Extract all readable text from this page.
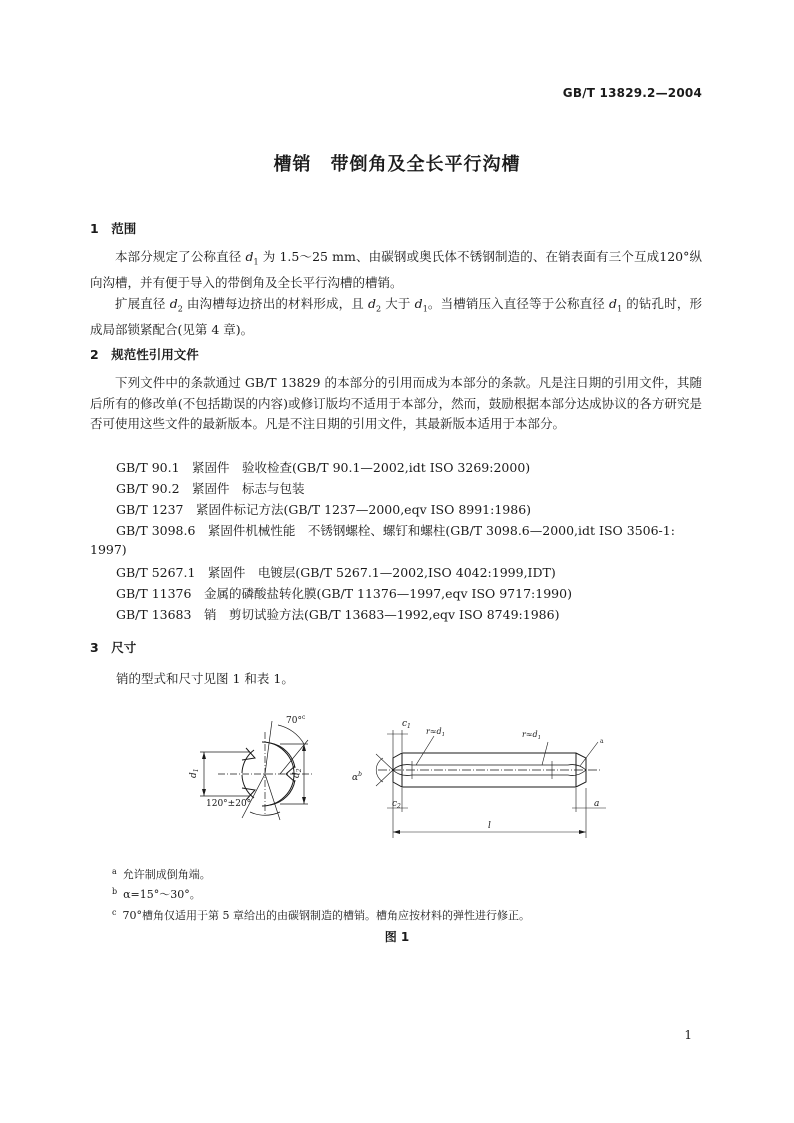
GB/T 13829.2—2004
槽销　带倒角及全长平行沟槽
1　范围

本部分规定了公称直径 $d_1$ 为 1.5～25 mm、由碳钢或奥氏体不锈钢制造的、在销表面有三个互成120°纵向沟槽，并有便于导入的带倒角及全长平行沟槽的槽销。

扩展直径 $d_2$ 由沟槽每边挤出的材料形成，且 $d_2$ 大于 $d_1$。当槽销压入直径等于公称直径 $d_1$ 的钻孔时，形成局部锁紧配合(见第 4 章)。

2　规范性引用文件

下列文件中的条款通过 GB/T 13829 的本部分的引用而成为本部分的条款。凡是注日期的引用文件，其随后所有的修改单(不包括勘误的内容)或修订版均不适用于本部分，然而，鼓励根据本部分达成协议的各方研究是否可使用这些文件的最新版本。凡是不注日期的引用文件，其最新版本适用于本部分。

GB/T 90.1　紧固件　验收检查(GB/T 90.1—2002,idt ISO 3269:2000)
GB/T 90.2　紧固件　标志与包装
GB/T 1237　紧固件标记方法(GB/T 1237—2000,eqv ISO 8991:1986)
GB/T 3098.6　紧固件机械性能　不锈钢螺栓、螺钉和螺柱(GB/T 3098.6—2000,idt ISO 3506-1:
1997)
GB/T 5267.1　紧固件　电镀层(GB/T 5267.1—2002,ISO 4042:1999,IDT)
GB/T 11376　金属的磷酸盐转化膜(GB/T 11376—1997,eqv ISO 9717:1990)
GB/T 13683　销　剪切试验方法(GB/T 13683—1992,eqv ISO 8749:1986)
3　尺寸
销的型式和尺寸见图 1 和表 1。
70°$^c$
$d_1$
$d_2$
120°±20°
$c_1$
$c_2$
$r\approx d_1$	$r\approx d_1$	a
$\alpha^b$
l
a
$^a$ 允许制成倒角端。
$^b$ α=15°～30°。
$^c$ 70°槽角仅适用于第 5 章给出的由碳钢制造的槽销。槽角应按材料的弹性进行修正。
图 1
1
